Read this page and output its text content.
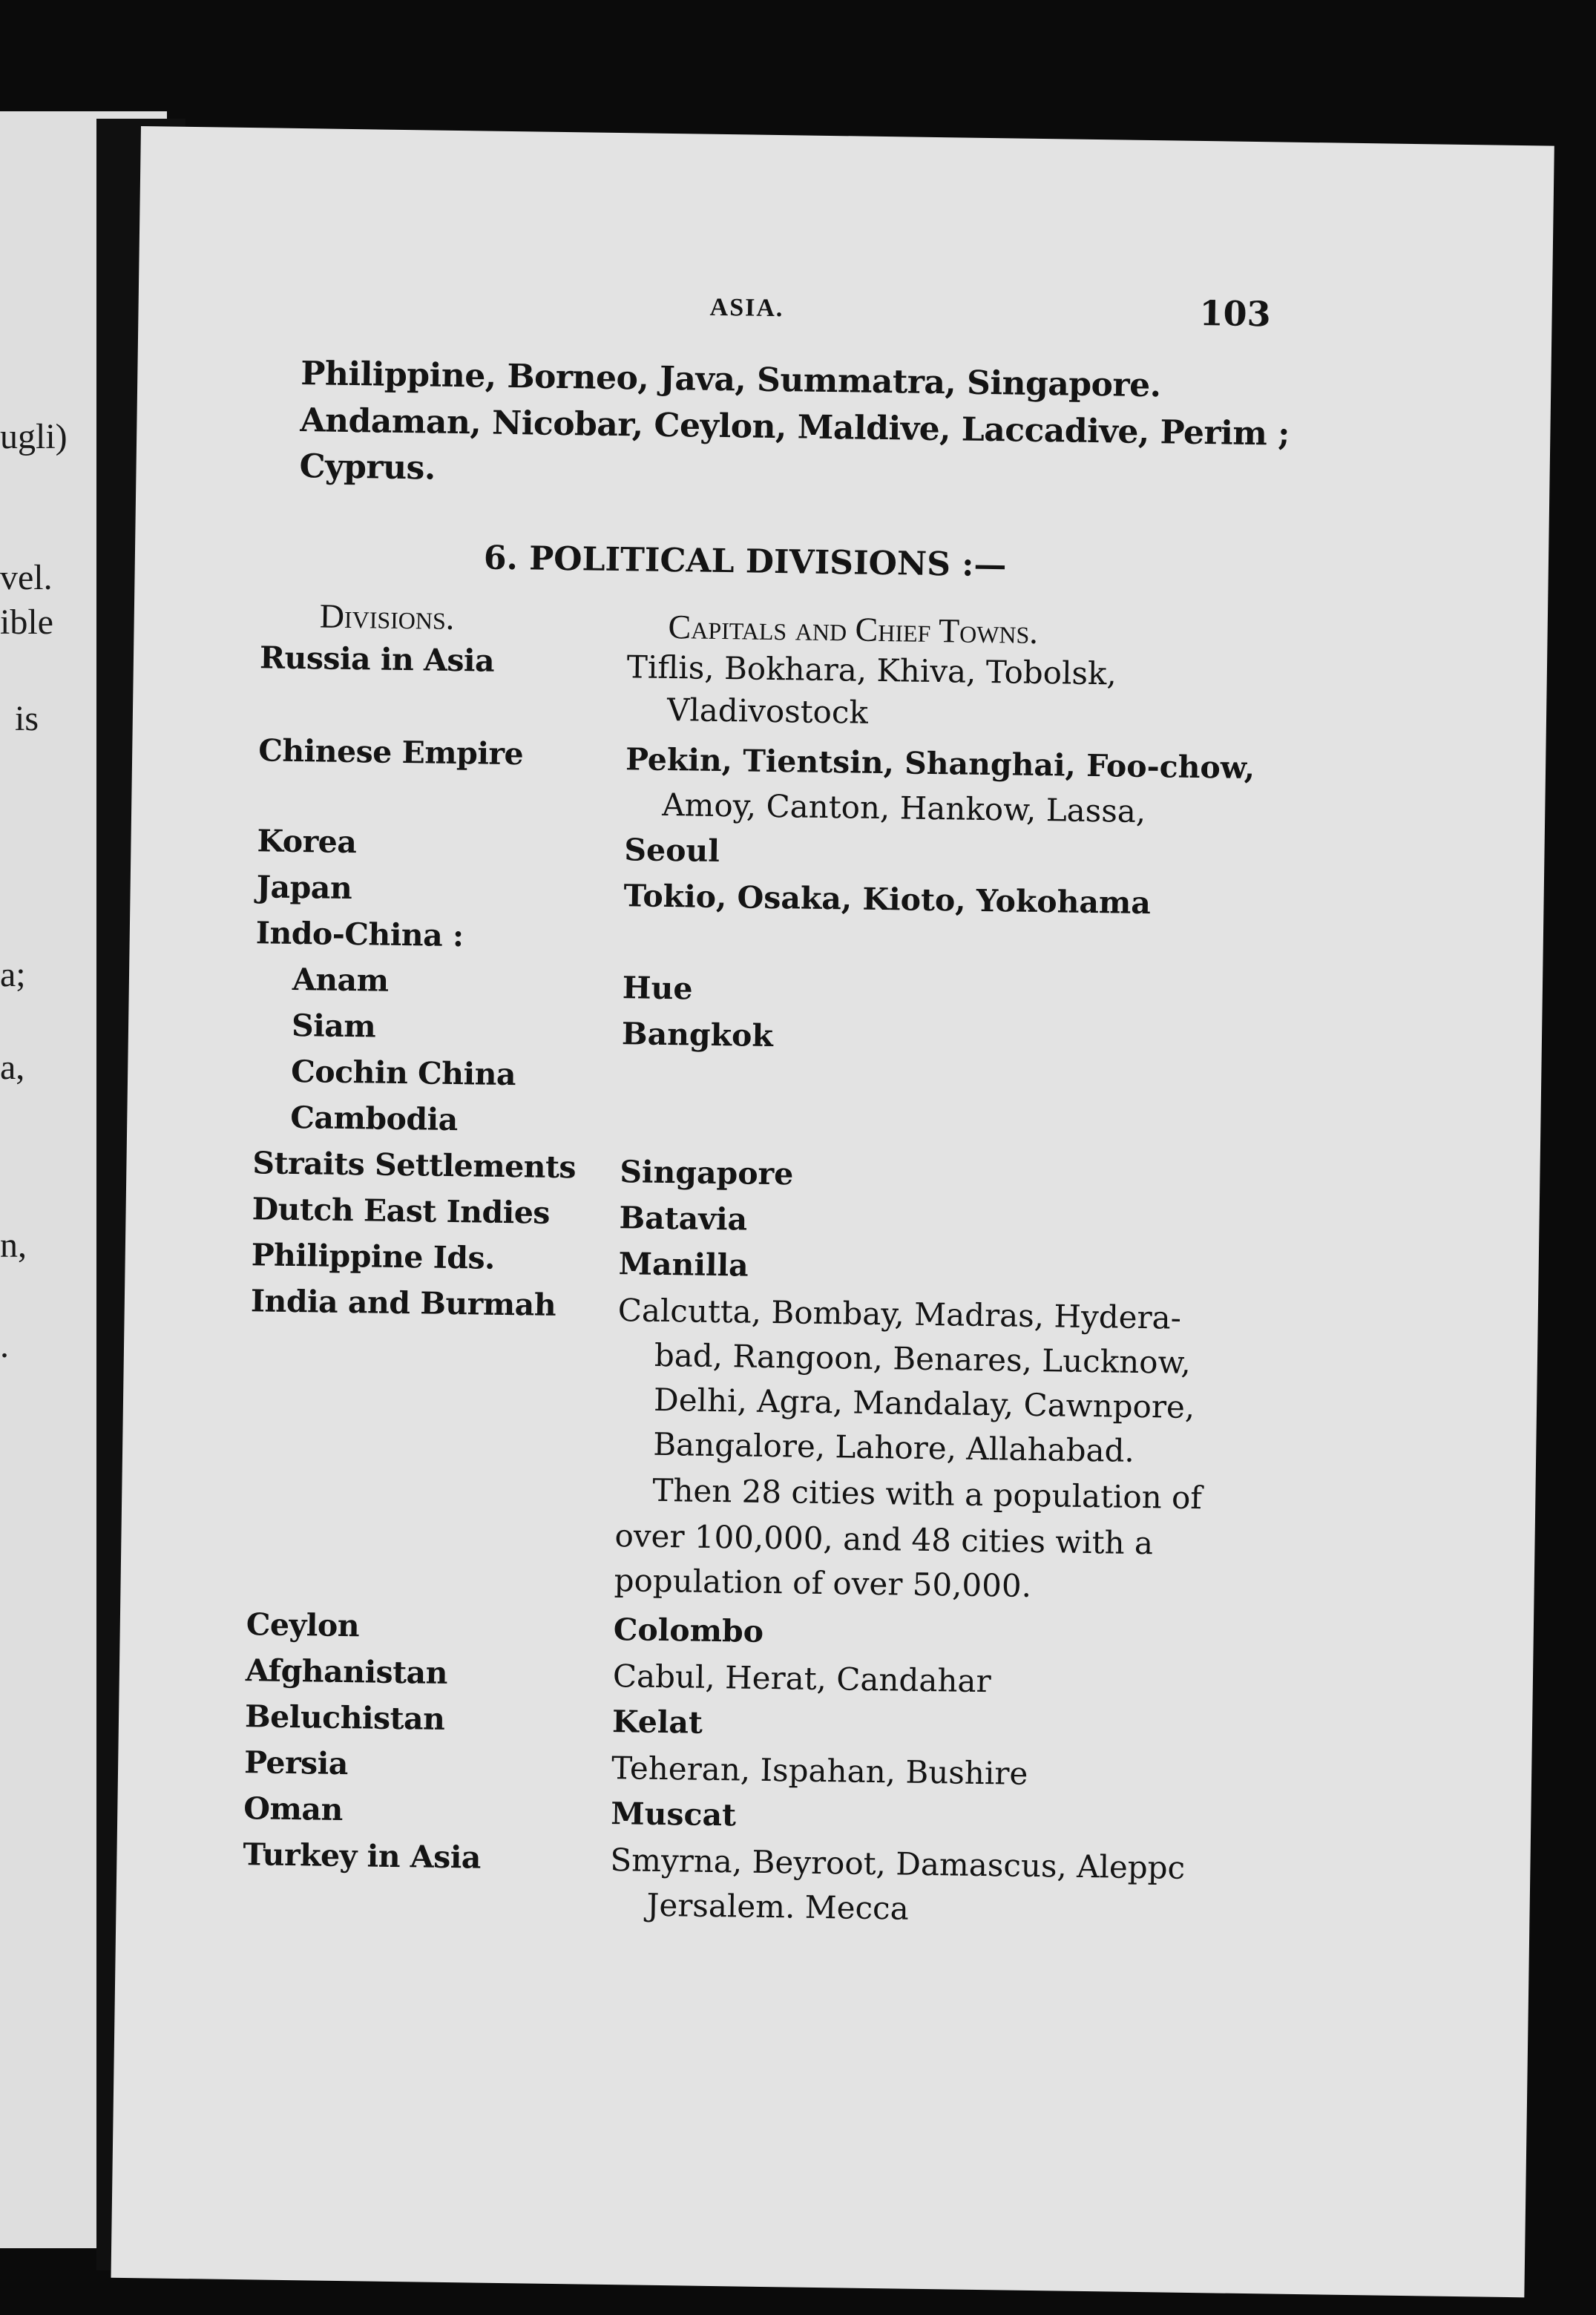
ugli)
vel.
ible
is
a;
a,
n,
.
ASIA.	103
Philippine, Borneo, Java, Summatra, Singapore.
Andaman, Nicobar, Ceylon, Maldive, Laccadive, Perim ;
Cyprus.
6. POLITICAL DIVISIONS :—
Divisions.	Capitals and Chief Towns.
Russia in Asia
Chinese Empire
Korea
Japan
Indo-China :
Anam
Siam
Cochin China
Cambodia
Straits Settlements
Dutch East Indies
Philippine Ids.
India and Burmah
Ceylon
Afghanistan
Beluchistan
Persia
Oman
Turkey in Asia
Tiflis, Bokhara, Khiva, Tobolsk,
Vladivostock
Pekin, Tientsin, Shanghai, Foo-chow,
Amoy, Canton, Hankow, Lassa,
Seoul
Tokio, Osaka, Kioto, Yokohama
Hue
Bangkok
Singapore
Batavia
Manilla
Calcutta, Bombay, Madras, Hydera-
bad, Rangoon, Benares, Lucknow,
Delhi, Agra, Mandalay, Cawnpore,
Bangalore, Lahore, Allahabad.
Then 28 cities with a population of
over 100,000, and 48 cities with a
population of over 50,000.
Colombo
Cabul, Herat, Candahar
Kelat
Teheran, Ispahan, Bushire
Muscat
Smyrna, Beyroot, Damascus, Aleppc
Jersalem. Mecca
